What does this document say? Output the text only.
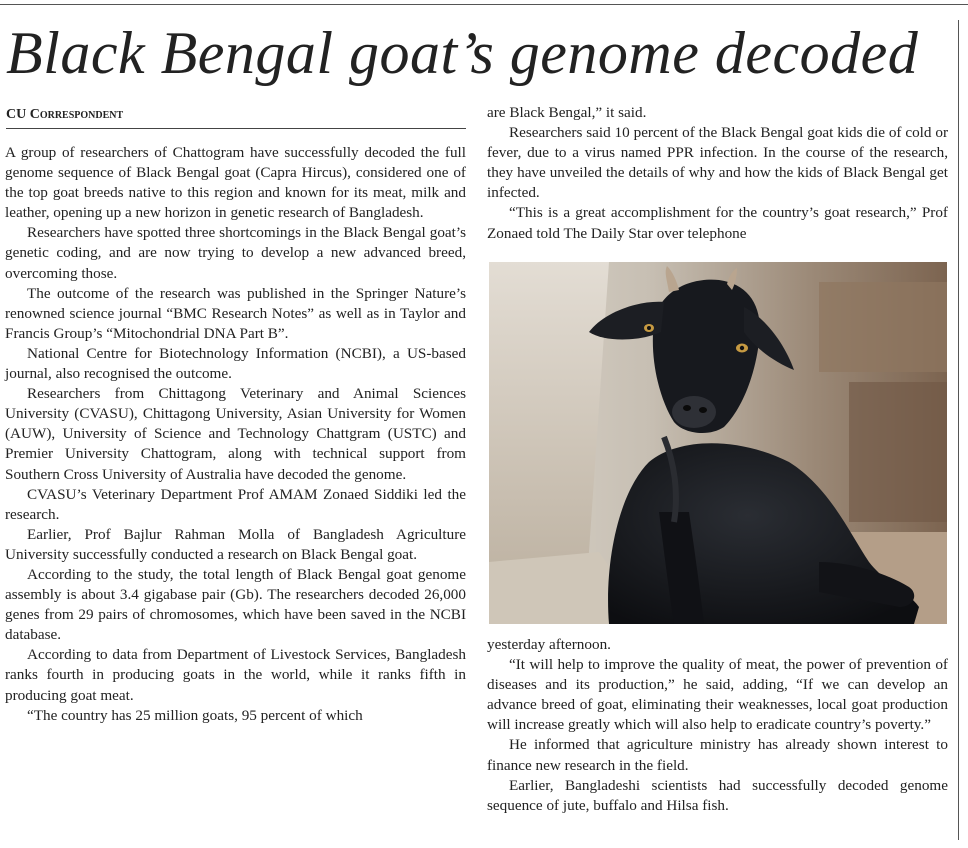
Black Bengal goat’s genome decoded
CU Correspondent

A group of researchers of Chattogram have successfully decoded the full genome sequence of Black Bengal goat (Capra Hircus), considered one of the top goat breeds native to this region and known for its meat, milk and leather, opening up a new horizon in genetic research of Bangladesh.

Researchers have spotted three shortcomings in the Black Bengal goat’s genetic coding, and are now trying to develop a new advanced breed, overcoming those.

The outcome of the research was published in the Springer Nature’s renowned science journal “BMC Research Notes” as well as in Taylor and Francis Group’s “Mitochondrial DNA Part B”.

National Centre for Biotechnology Information (NCBI), a US-based journal, also recognised the outcome.

Researchers from Chittagong Veterinary and Animal Sciences University (CVASU), Chittagong University, Asian University for Women (AUW), University of Science and Technology Chattgram (USTC) and Premier University Chattogram, along with technical support from Southern Cross University of Australia have decoded the genome.

CVASU’s Veterinary Department Prof AMAM Zonaed Siddiki led the research.

Earlier, Prof Bajlur Rahman Molla of Bangladesh Agriculture University successfully conducted a research on Black Bengal goat.

According to the study, the total length of Black Bengal goat genome assembly is about 3.4 gigabase pair (Gb). The researchers decoded 26,000 genes from 29 pairs of chromosomes, which have been saved in the NCBI database.

According to data from Department of Livestock Services, Bangladesh ranks fourth in producing goats in the world, while it ranks fifth in producing goat meat.

“The country has 25 million goats, 95 percent of which

are Black Bengal,” it said.

Researchers said 10 percent of the Black Bengal goat kids die of cold or fever, due to a virus named PPR infection. In the course of the research, they have unveiled the details of why and how the kids of Black Bengal get infected.

“This is a great accomplishment for the country’s goat research,” Prof Zonaed told The Daily Star over telephone

yesterday afternoon.

“It will help to improve the quality of meat, the power of prevention of diseases and its production,” he said, adding, “If we can develop an advance breed of goat, eliminating their weaknesses, local goat production will increase greatly which will also help to eradicate country’s poverty.”

He informed that agriculture ministry has already shown interest to finance new research in the field.

Earlier, Bangladeshi scientists had successfully decoded genome sequence of jute, buffalo and Hilsa fish.
